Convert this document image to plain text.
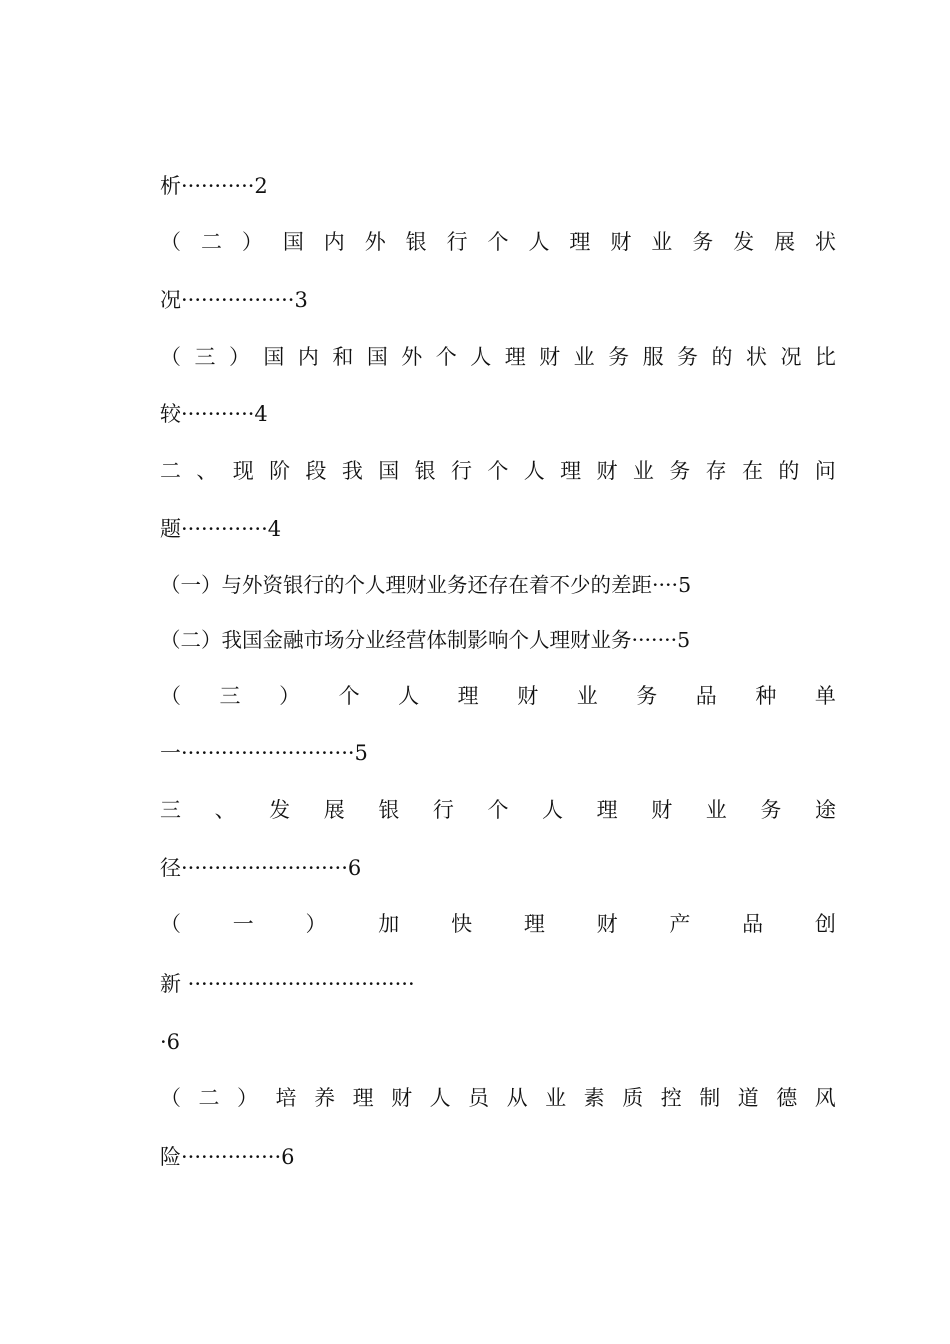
析···········2
（ 二 ） 国 内 外 银 行 个 人 理 财 业 务 发 展 状
况·················3
（ 三 ） 国 内 和 国 外 个 人 理 财 业 务 服 务 的 状 况 比
较···········4
二 、 现 阶 段 我 国 银 行 个 人 理 财 业 务 存 在 的 问
题·············4
（一）与外资银行的个人理财业务还存在着不少的差距····5
（二）我国金融市场分业经营体制影响个人理财业务·······5
（ 三 ） 个 人 理 财 业 务 品 种 单
一··························5
三 、 发 展 银 行 个 人 理 财 业 务 途
径·························6
（ 一 ） 加 快 理 财 产 品 创
新 ··································
·6
（ 二 ） 培 养 理 财 人 员 从 业 素 质 控 制 道 德 风
险···············6
